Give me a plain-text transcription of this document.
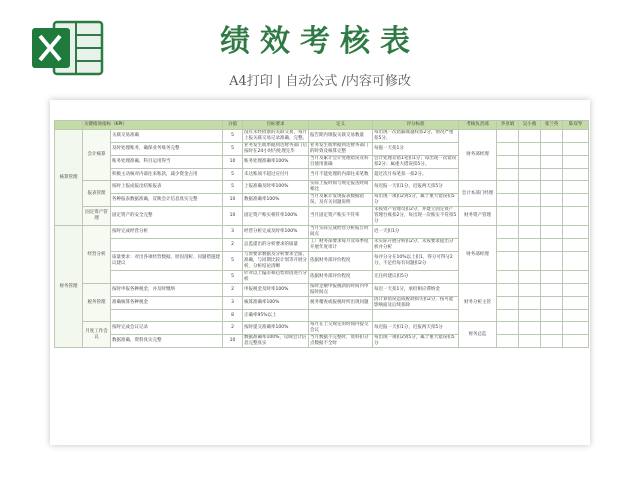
绩效考核表
A4打印 | 自动公式 /内容可修改
	关键绩效指标（KPI）		分值	目标要求	定义	评分标准	考核负责部	李亚娟	吴小燕	张兰英	陈双琴
核算管理	会计核算	关联交易准确	5	没有未经批准的关联交易，每月上报关联交易记录准确、完整。	报告期内填报关联交易数量	每出现一次错漏或越权扣2分，情况严重扣5分。	财务部经理				
		及时处理账务，确保业务账务完整	5	业务发生或单据到达财务部门后按时在24小时内处理完毕	业务发生或单据到达财务部门的时效及核算完整	每拖一天扣1分					
		账务处理准确，科目运用得当	10	账务处理准确率100%	当月及累计会计处理错误及科目使用准确	会计处理差错1笔扣1分；每出现一次错误扣2分；属重大错误扣5分。					
		积极主动核对内部往来账款，减少资金占用	5	未达账项不超过应付月	当月不能处理的内部往来笔数	超过次月每笔扣一扣2分。					
	报表管理	按时上报成报出结账报表	5	上报准确及时率100%	实际上报时间与规定报送时间相比	每迟报一天扣1分，迟报两天扣5分	会计本部门经理				
		各种报表数据准确，反映会计信息真实完整	10	数据准确率100%	当月及累计发现报表数据错误、及有关问题说明	每出现一项扣2到5分，属于重大错误扣5分					
	固定资产管理	固定资产的安全完整	10	固定资产账实相符率100%	当月固定资产账实不符率	未按资产管理员扣2分，并建立固定资产管理台账扣2分，每出现一次账实不符扣5分	财务资产管理				
财务管理	经营分析	按时完成经营分析	3	经营分析完成及时率100%	当月实际完成经营分析报告时间点	迟一天扣1分	财务部经理				
			2	总监提出的分析要求的质量	工厂财务部要求每月及每季度开展年度审计	未实际开展分析扣2分，未按要求提出分析并分析					
		质量要求：对出各项经营数据、原因剖析、问题措施建议建议	5	与原要求数据及分析要求全面、准确，与同期比较计划等开展分析，分析结论清晰	依据财务部评价程度	每评分分在10%以上扣1，得分可得分2分，不足但每有问题扣2分					
			5	针对以上偏差和趋势原因进行分析	依据财务部评价程度	无任何建议扣5分					
	税务管理	按时申报各种税金，并及时缴纳	2	申报税金及时率100%	按时足额申报税款的时间内申报时间点	每迟一天扣1分，承担相应滞纳金	财务分析主管				
		准确核算各种税金	3	核算准确率100%	税务稽查或报税时所出现问题	因计算错误造成税款损失扣2分，按可能影响面及后续扣除					
			8	正确率95%以上							
	月度工作会议	按时完成会议记录	2	按时提交准确率100%	每月在上交规定的时间内提交会议	每迟报一天扣1分，迟报两天扣5分	财务总监				
		数据准确，资料真实完整	10	数据准确率100%，反映会计信息完整真实	当月数据不完整时，资料扣分点数据不全时	每出现一项扣2到5分，属于重大错误扣5分					
